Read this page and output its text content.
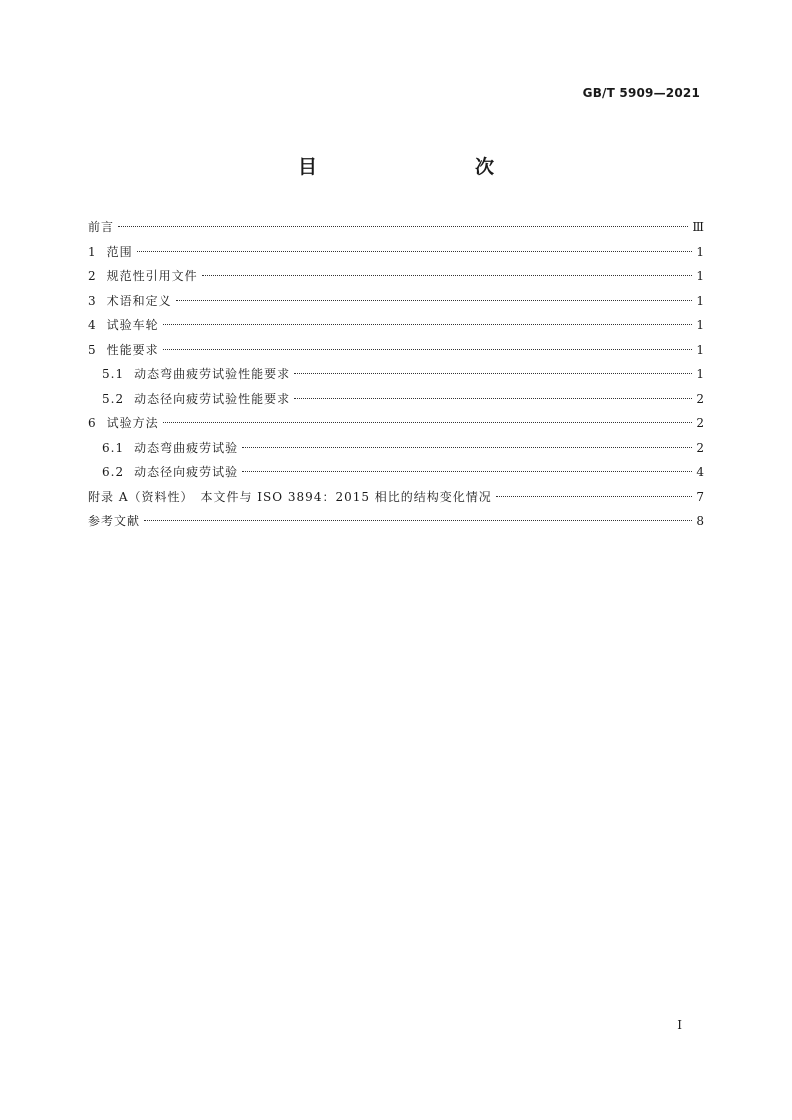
GB/T 5909—2021
目　　次
前言	Ⅲ
1 范围	1
2 规范性引用文件	1
3 术语和定义	1
4 试验车轮	1
5 性能要求	1
5.1 动态弯曲疲劳试验性能要求	1
5.2 动态径向疲劳试验性能要求	2
6 试验方法	2
6.1 动态弯曲疲劳试验	2
6.2 动态径向疲劳试验	4
附录 A（资料性）　本文件与 ISO 3894：2015 相比的结构变化情况	7
参考文献	8
Ⅰ
